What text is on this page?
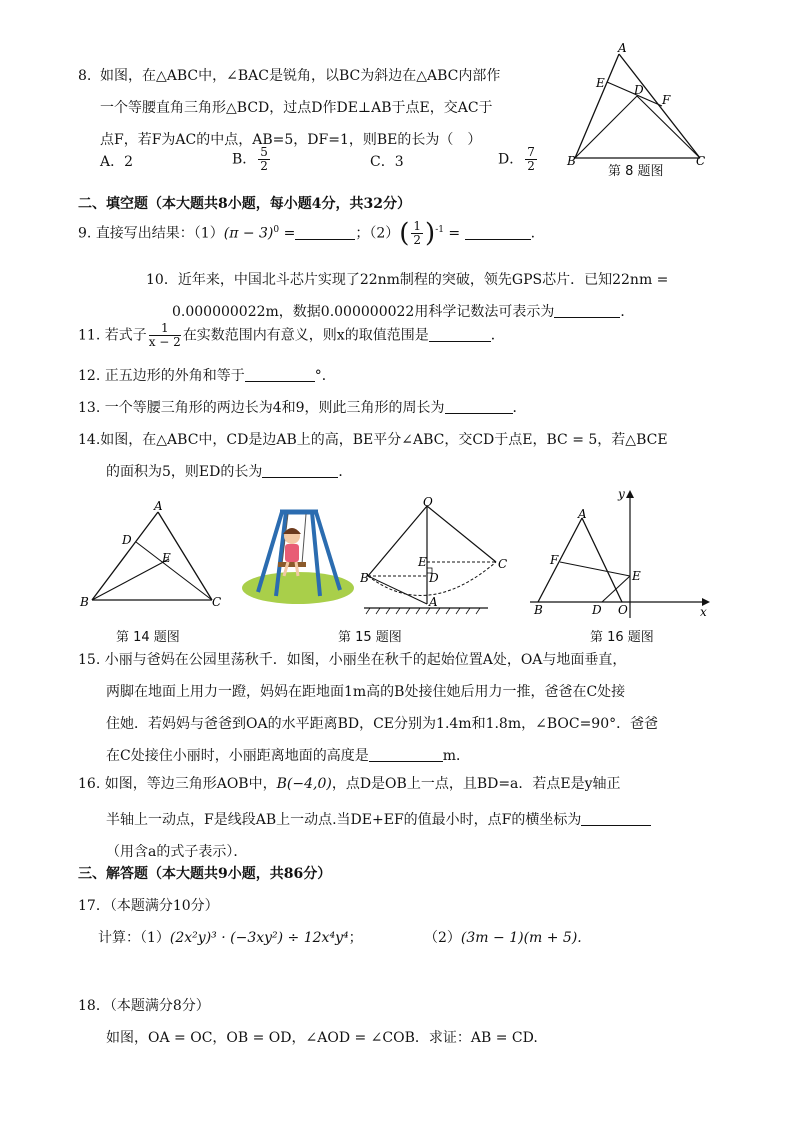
8. 如图，在△ABC中，∠BAC是锐角，以BC为斜边在△ABC内部作
一个等腰直角三角形△BCD，过点D作DE⊥AB于点E，交AC于
点F，若F为AC的中点，AB=5，DF=1，则BE的长为（　）
A．2	B． $\frac{5}{2}$	C．3	D． $\frac{7}{2}$
A
E D
F
B	C
第 8 题图
二、填空题（本大题共8小题，每小题4分，共32分）
9. 直接写出结果：$(1)(\pi - 3)^0$ =	；$(2)( \frac{1}{2} )^{-1}$ =	.
10．近年来，中国北斗芯片实现了22nm制程的突破，领先GPS芯片．已知22nm =
0.000000022m，数据0.000000022用科学记数法可表示为	．
11. 若式子 $\frac{1}{x - 2}$ 在实数范围内有意义，则x的取值范围是	．
12. 正五边形的外角和等于	°．
13. 一个等腰三角形的两边长为4和9，则此三角形的周长为	．
14.如图，在△ABC中，CD是边AB上的高，BE平分∠ABC，交CD于点E，BC = 5，若△BCE
的面积为5，则ED的长为	．
A
D
E
B	C
第 14 题图
O
E
D
B
C
A
第 15 题图
A
F
E
B	D O	x
y
第 16 题图
15. 小丽与爸妈在公园里荡秋千．如图，小丽坐在秋千的起始位置A处，OA与地面垂直，
两脚在地面上用力一蹬，妈妈在距地面1m高的B处接住她后用力一推，爸爸在C处接
住她．若妈妈与爸爸到OA的水平距离BD，CE分别为1.4m和1.8m，∠BOC=90°．爸爸
在C处接住小丽时，小丽距离地面的高度是	m．
16. 如图，等边三角形AOB中，B(−4,0)，点D是OB上一点，且BD=a．若点E是y轴正
半轴上一动点，F是线段AB上一动点.当DE+EF的值最小时，点F的横坐标为
（用含a的式子表示）．
三、解答题（本大题共9小题，共86分）
17．（本题满分10分）
计算：（1）(2x²y)³ · (−3xy²) ÷ 12x⁴y⁴；	（2）(3m − 1)(m + 5).
18．（本题满分8分）
如图，OA = OC，OB = OD，∠AOD = ∠COB．求证：AB = CD.
